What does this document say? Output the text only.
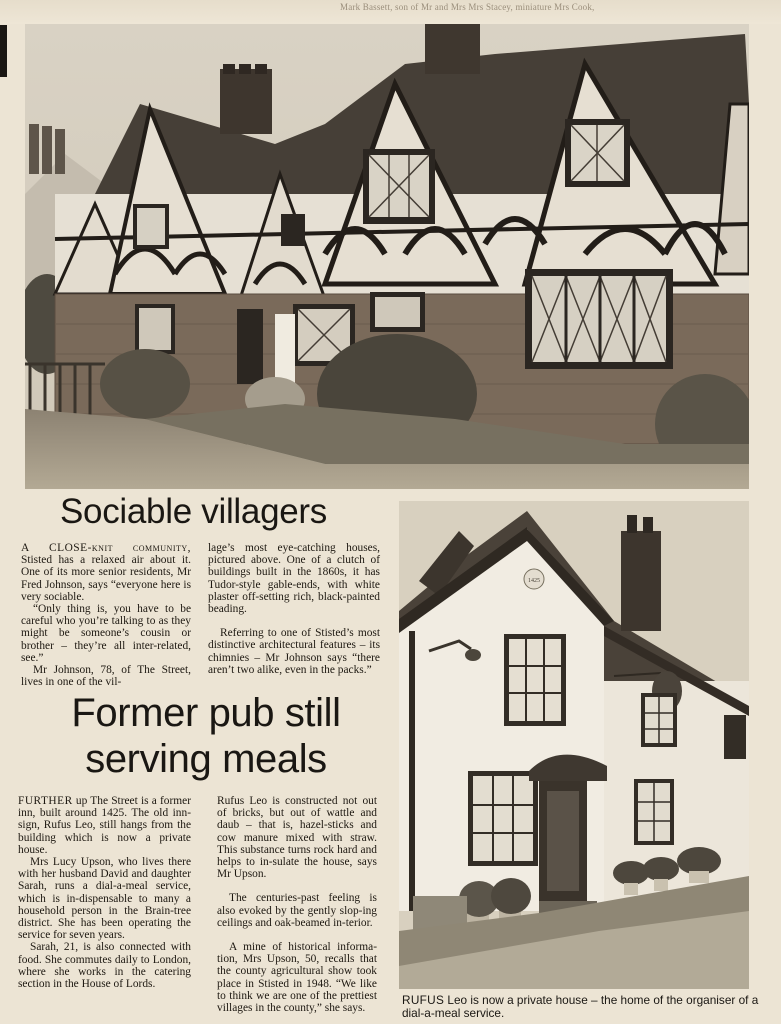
Mark Bassett, son of Mr and Mrs Mrs Stacey, miniature Mrs Cook,
Sociable villagers

A CLOSE-knit community, Stisted has a relaxed air about it. One of its more senior residents, Mr Fred Johnson, says “everyone here is very sociable.

“Only thing is, you have to be careful who you’re talking to as they might be someone’s cousin or brother – they’re all inter-related, see.”

Mr Johnson, 78, of The Street, lives in one of the vil-

lage’s most eye-catching houses, pictured above. One of a clutch of buildings built in the 1860s, it has Tudor-style gable-ends, with white plaster off-setting rich, black-painted beading.

Referring to one of Stisted’s most distinctive architectural features – its chimnies – Mr Johnson says “there aren’t two alike, even in the packs.”

Former pub still
serving meals

FURTHER up The Street is a former inn, built around 1425. The old inn-sign, Rufus Leo, still hangs from the building which is now a private house.

Mrs Lucy Upson, who lives there with her husband David and daughter Sarah, runs a dial-a-meal service, which is in-dispensable to many a household person in the Brain-tree district. She has been operating the service for seven years.

Sarah, 21, is also connected with food. She commutes daily to London, where she works in the catering section in the House of Lords.

Rufus Leo is constructed not out of bricks, but out of wattle and daub – that is, hazel-sticks and cow manure mixed with straw. This substance turns rock hard and helps to in-sulate the house, says Mr Upson.

The centuries-past feeling is also evoked by the gently slop-ing ceilings and oak-beamed in-terior.

A mine of historical informa-tion, Mrs Upson, 50, recalls that the county agricultural show took place in Stisted in 1948. “We like to think we are one of the prettiest villages in the county,” she says.

1425
RUFUS Leo is now a private house – the home of the organiser of a dial-a-meal service.
